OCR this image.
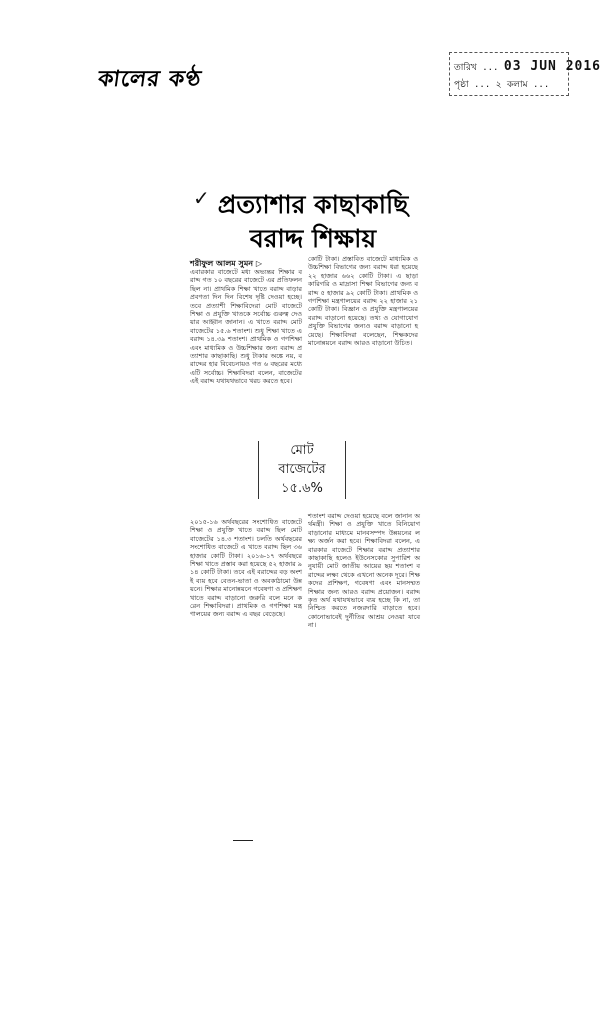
কালের কণ্ঠ	তারিখ ... 03 JUN 2016
পৃষ্ঠা ... ২ কলাম ...
✓ প্রত্যাশার কাছাকাছি
বরাদ্দ শিক্ষায়
শরীফুল আলম সুমন ▷
এবারকার বাজেটে মধ্য অভ্যন্তর শিক্ষার বরাদ্দ গত ১০ বছরের বাজেটে এর প্রতিফলন ছিল না। প্রাথমিক শিক্ষা খাতে বরাদ্দ বাড়ার প্রবণতা দিন দিন বিশেষ দৃষ্টি দেওয়া হচ্ছে। তবে প্রত্যাশী শিক্ষাবিদেরা মোট বাজেটে শিক্ষা ও প্রযুক্তি খাতকে সর্বোচ্চ গুরুত্ব দেওয়ার আহ্বান জানান। এ খাতে বরাদ্দ মোট বাজেটের ১৫.৬ শতাংশ। শুধু শিক্ষা খাতে এ বরাদ্দ ১৪.৩৯ শতাংশ। প্রাথমিক ও গণশিক্ষা এবং মাধ্যমিক ও উচ্চশিক্ষার জন্য বরাদ্দ প্রত্যাশার কাছাকাছি। শুধু টাকার অঙ্কে নয়, বরাদ্দের হার বিবেচনায়ও গত ৬ বছরের মধ্যে এটি সর্বোচ্চ। শিক্ষাবিদরা বলেন, বাজেটের এই বরাদ্দ যথাযথভাবে খরচ করতে হবে।
কোটি টাকা। প্রস্তাবিত বাজেটে মাধ্যমিক ও উচ্চশিক্ষা বিভাগের জন্য বরাদ্দ ধরা হয়েছে ২২ হাজার ৬৬২ কোটি টাকা। এ ছাড়া কারিগরি ও মাদ্রাসা শিক্ষা বিভাগের জন্য বরাদ্দ ৫ হাজার ৯২ কোটি টাকা। প্রাথমিক ও গণশিক্ষা মন্ত্রণালয়ের বরাদ্দ ২২ হাজার ২১ কোটি টাকা। বিজ্ঞান ও প্রযুক্তি মন্ত্রণালয়ের বরাদ্দ বাড়ানো হয়েছে। তথ্য ও যোগাযোগ প্রযুক্তি বিভাগের জন্যও বরাদ্দ বাড়ানো হয়েছে। শিক্ষাবিদরা বলেছেন, শিক্ষকদের মানোন্নয়নে বরাদ্দ আরও বাড়ানো উচিত।
মোট
বাজেটের
১৫.৬%
২০১৫-১৬ অর্থবছরের সংশোধিত বাজেটে শিক্ষা ও প্রযুক্তি খাতে বরাদ্দ ছিল মোট বাজেটের ১৪.৩ শতাংশ। চলতি অর্থবছরের সংশোধিত বাজেটে এ খাতে বরাদ্দ ছিল ৩৬ হাজার কোটি টাকা। ২০১৬-১৭ অর্থবছরে শিক্ষা খাতে প্রস্তাব করা হয়েছে ৫২ হাজার ৯১৪ কোটি টাকা। তবে এই বরাদ্দের বড় অংশই ব্যয় হবে বেতন-ভাতা ও অবকাঠামো উন্নয়নে। শিক্ষার মানোন্নয়নে গবেষণা ও প্রশিক্ষণ খাতে বরাদ্দ বাড়ানো জরুরি বলে মনে করেন শিক্ষাবিদরা। প্রাথমিক ও গণশিক্ষা মন্ত্রণালয়ের জন্য বরাদ্দ এ বছর বেড়েছে।
শতাংশ বরাদ্দ দেওয়া হয়েছে বলে জানান অর্থমন্ত্রী। শিক্ষা ও প্রযুক্তি খাতে বিনিয়োগ বাড়ানোর মাধ্যমে মানবসম্পদ উন্নয়নের লক্ষ্য অর্জন করা হবে। শিক্ষাবিদরা বলেন, এবারকার বাজেটে শিক্ষার বরাদ্দ প্রত্যাশার কাছাকাছি হলেও ইউনেসকোর সুপারিশ অনুযায়ী মোট জাতীয় আয়ের ছয় শতাংশ বরাদ্দের লক্ষ্য থেকে এখনো অনেক দূরে। শিক্ষকদের প্রশিক্ষণ, গবেষণা এবং মানসম্মত শিক্ষার জন্য আরও বরাদ্দ প্রয়োজন। বরাদ্দকৃত অর্থ যথাযথভাবে ব্যয় হচ্ছে কি না, তা নিশ্চিত করতে নজরদারি বাড়াতে হবে। কোনোভাবেই দুর্নীতির আশ্রয় নেওয়া যাবে না।
